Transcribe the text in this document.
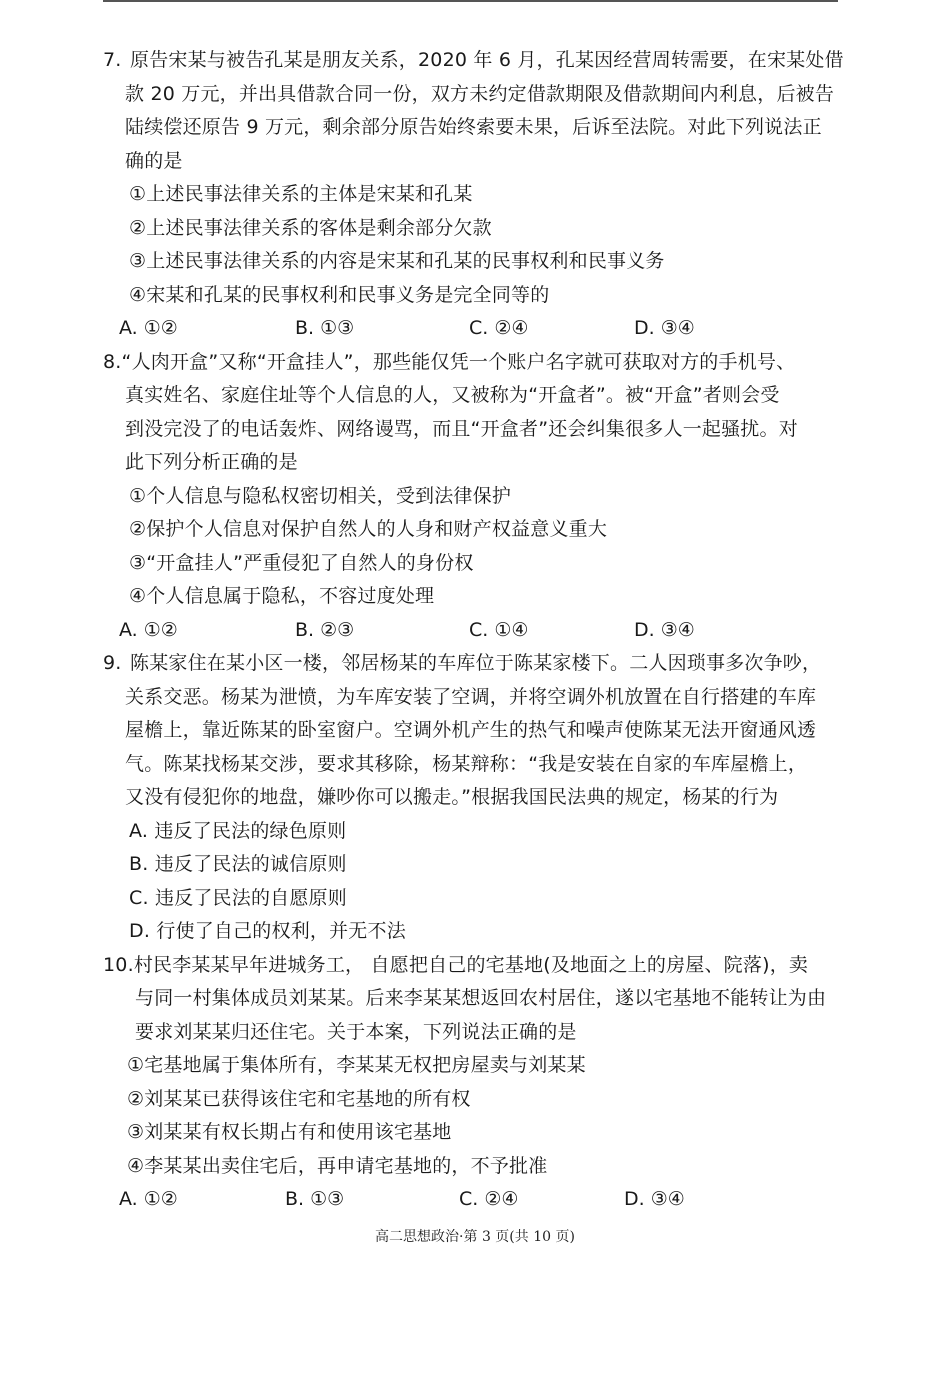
7. 原告宋某与被告孔某是朋友关系，2020 年 6 月，孔某因经营周转需要，在宋某处借
款 20 万元，并出具借款合同一份，双方未约定借款期限及借款期间内利息，后被告
陆续偿还原告 9 万元，剩余部分原告始终索要未果，后诉至法院。对此下列说法正
确的是
①上述民事法律关系的主体是宋某和孔某
②上述民事法律关系的客体是剩余部分欠款
③上述民事法律关系的内容是宋某和孔某的民事权利和民事义务
④宋某和孔某的民事权利和民事义务是完全同等的
A. ①②	B. ①③	C. ②④	D. ③④
8.“人肉开盒”又称“开盒挂人”，那些能仅凭一个账户名字就可获取对方的手机号、
真实姓名、家庭住址等个人信息的人，又被称为“开盒者”。被“开盒”者则会受
到没完没了的电话轰炸、网络谩骂，而且“开盒者”还会纠集很多人一起骚扰。对
此下列分析正确的是
①个人信息与隐私权密切相关，受到法律保护
②保护个人信息对保护自然人的人身和财产权益意义重大
③“开盒挂人”严重侵犯了自然人的身份权
④个人信息属于隐私，不容过度处理
A. ①②	B. ②③	C. ①④	D. ③④
9. 陈某家住在某小区一楼，邻居杨某的车库位于陈某家楼下。二人因琐事多次争吵，
关系交恶。杨某为泄愤，为车库安装了空调，并将空调外机放置在自行搭建的车库
屋檐上，靠近陈某的卧室窗户。空调外机产生的热气和噪声使陈某无法开窗通风透
气。陈某找杨某交涉，要求其移除，杨某辩称：“我是安装在自家的车库屋檐上，
又没有侵犯你的地盘，嫌吵你可以搬走。”根据我国民法典的规定，杨某的行为
A. 违反了民法的绿色原则
B. 违反了民法的诚信原则
C. 违反了民法的自愿原则
D. 行使了自己的权利，并无不法
10.村民李某某早年进城务工， 自愿把自己的宅基地(及地面之上的房屋、院落)，卖
与同一村集体成员刘某某。后来李某某想返回农村居住，遂以宅基地不能转让为由
要求刘某某归还住宅。关于本案，下列说法正确的是
①宅基地属于集体所有，李某某无权把房屋卖与刘某某
②刘某某已获得该住宅和宅基地的所有权
③刘某某有权长期占有和使用该宅基地
④李某某出卖住宅后，再申请宅基地的，不予批准
A. ①②	B. ①③	C. ②④	D. ③④
高二思想政治·第 3 页(共 10 页)
